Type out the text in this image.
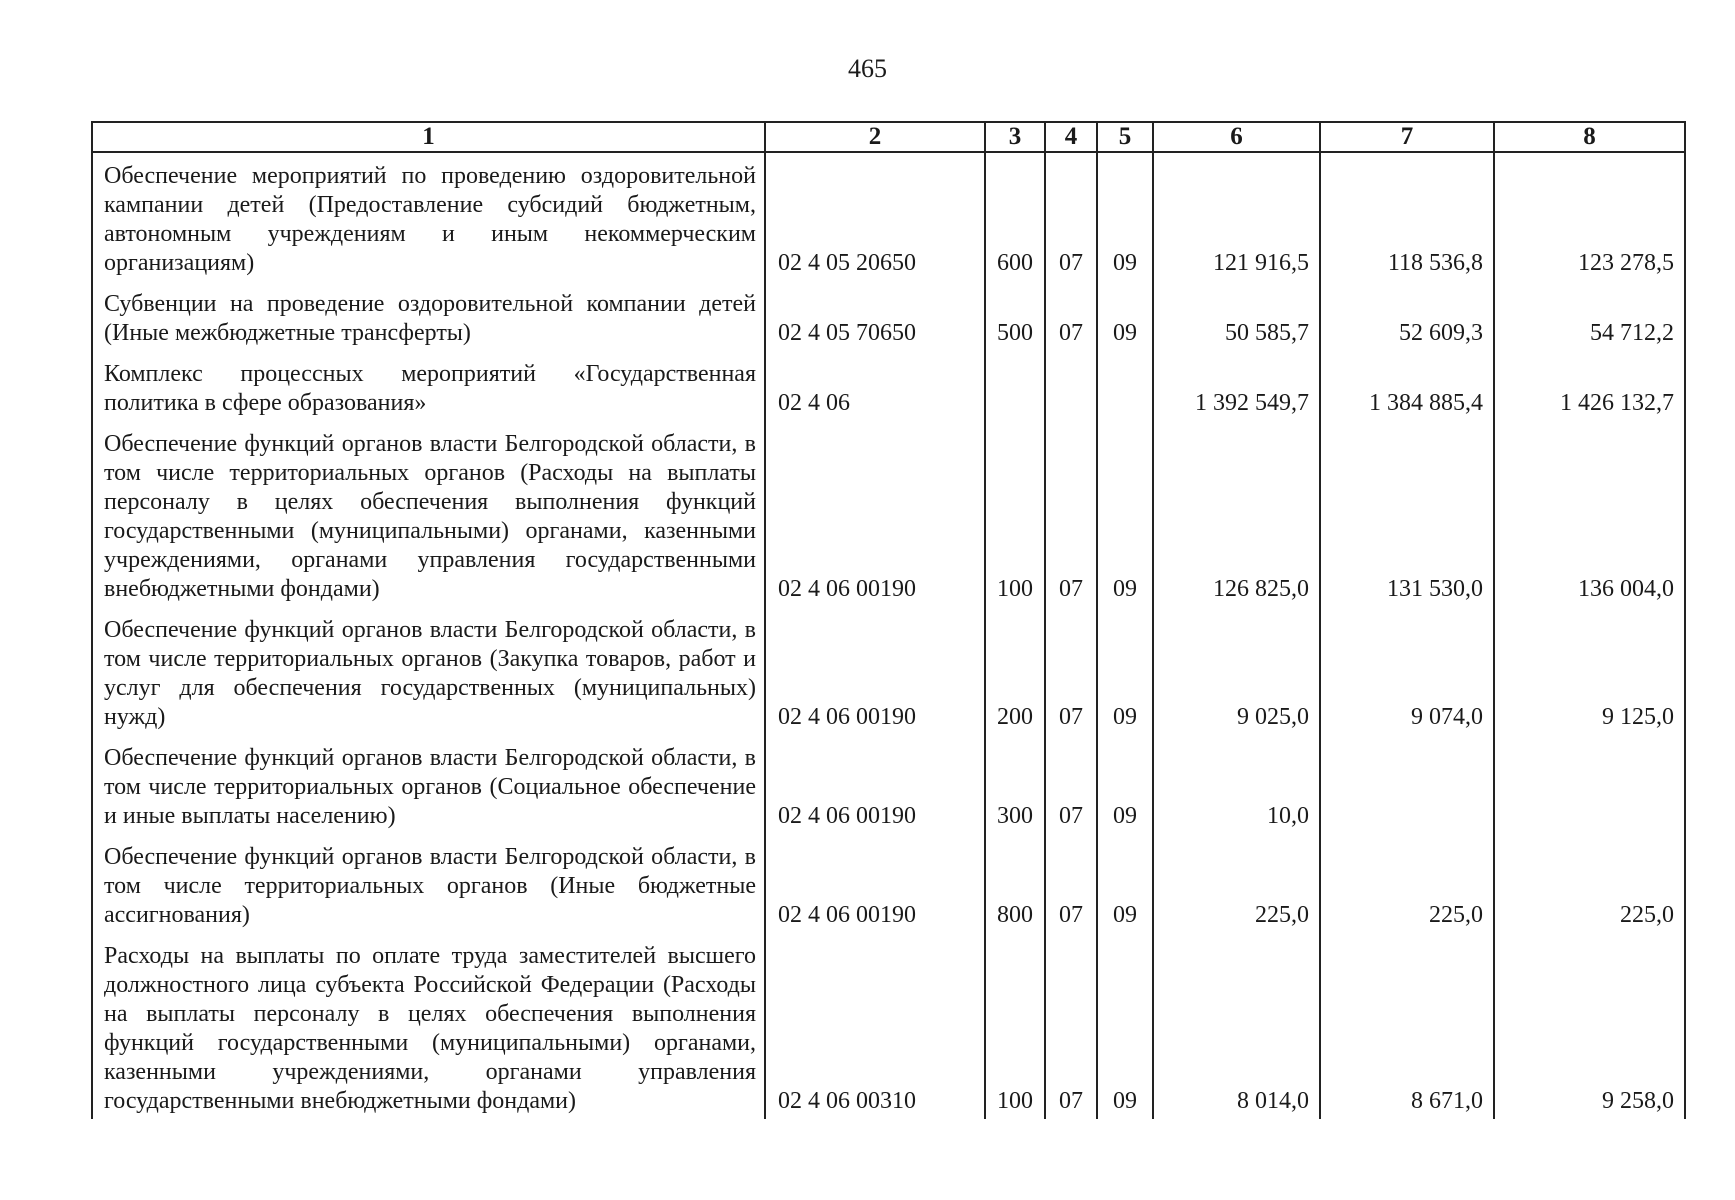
465
1	2	3	4	5	6	7	8
Обеспечение мероприятий по проведению оздоровительной кампании детей (Предоставление субсидий бюджетным, автономным учреждениям и иным некоммерческим организациям)	02 4 05 20650	600	07	09	121 916,5	118 536,8	123 278,5
Субвенции на проведение оздоровительной компании детей (Иные межбюджетные трансферты)	02 4 05 70650	500	07	09	50 585,7	52 609,3	54 712,2
Комплекс процессных мероприятий «Государственная политика в сфере образования»	02 4 06				1 392 549,7	1 384 885,4	1 426 132,7
Обеспечение функций органов власти Белгородской области, в том числе территориальных органов (Расходы на выплаты персоналу в целях обеспечения выполнения функций государственными (муниципальными) органами, казенными учреждениями, органами управления государственными внебюджетными фондами)	02 4 06 00190	100	07	09	126 825,0	131 530,0	136 004,0
Обеспечение функций органов власти Белгородской области, в том числе территориальных органов (Закупка товаров, работ и услуг для обеспечения государственных (муниципальных) нужд)	02 4 06 00190	200	07	09	9 025,0	9 074,0	9 125,0
Обеспечение функций органов власти Белгородской области, в том числе территориальных органов (Социальное обеспечение и иные выплаты населению)	02 4 06 00190	300	07	09	10,0		
Обеспечение функций органов власти Белгородской области, в том числе территориальных органов (Иные бюджетные ассигнования)	02 4 06 00190	800	07	09	225,0	225,0	225,0
Расходы на выплаты по оплате труда заместителей высшего должностного лица субъекта Российской Федерации (Расходы на выплаты персоналу в целях обеспечения выполнения функций государственными (муниципальными) органами, казенными учреждениями, органами управления государственными внебюджетными фондами)	02 4 06 00310	100	07	09	8 014,0	8 671,0	9 258,0
